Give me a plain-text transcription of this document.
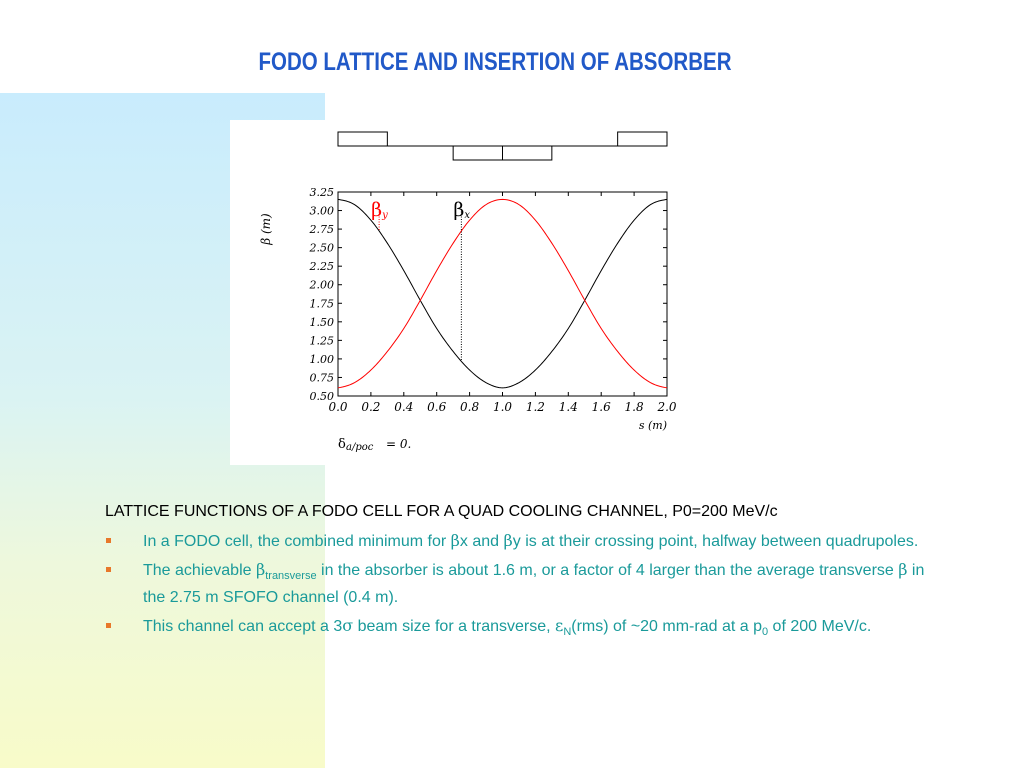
FODO LATTICE AND INSERTION OF ABSORBER
0.50
0.75
1.00
1.25
1.50
1.75
2.00
2.25
2.50
2.75
3.00
3.25
0.0 0.2 0.4 0.6 0.8 1.0 1.2 1.4 1.6 1.8 2.0
β (m)
s (m)
β y	β x
δ a/poc = 0.
LATTICE FUNCTIONS OF A FODO CELL FOR A QUAD COOLING CHANNEL, P0=200 MeV/c
In a FODO cell, the combined minimum for βx and βy is at their crossing point, halfway between quadrupoles.
The achievable $\beta_{transverse}$ in the absorber is about 1.6 m, or a factor of 4 larger than the average transverse β in the 2.75 m SFOFO channel (0.4 m).
This channel can accept a 3σ beam size for a transverse, $\varepsilon_N(rms)$ of ~20 mm-rad at a $p_0$ of 200 MeV/c.
